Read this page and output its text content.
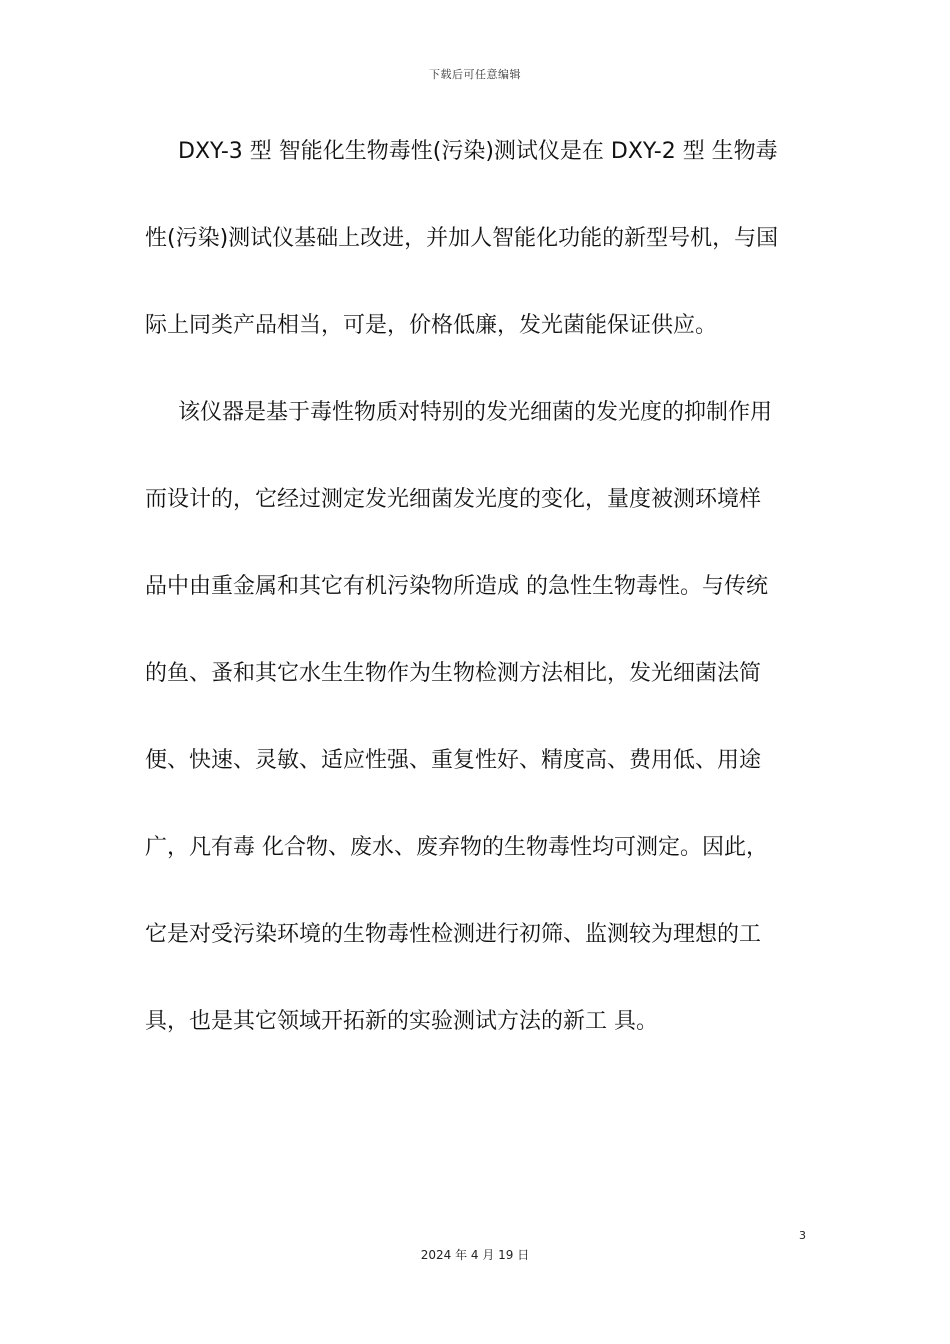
下载后可任意编辑
DXY-3 型 智能化生物毒性(污染)测试仪是在 DXY-2 型 生物毒
性(污染)测试仪基础上改进，并加人智能化功能的新型号机，与国
际上同类产品相当，可是，价格低廉，发光菌能保证供应。
该仪器是基于毒性物质对特别的发光细菌的发光度的抑制作用
而设计的，它经过测定发光细菌发光度的变化，量度被测环境样
品中由重金属和其它有机污染物所造成 的急性生物毒性。与传统
的鱼、蚤和其它水生生物作为生物检测方法相比，发光细菌法简
便、快速、灵敏、适应性强、重复性好、精度高、费用低、用途
广，凡有毒 化合物、废水、废弃物的生物毒性均可测定。因此，
它是对受污染环境的生物毒性检测进行初筛、监测较为理想的工
具，也是其它领域开拓新的实验测试方法的新工 具。
3
2024 年 4 月 19 日
